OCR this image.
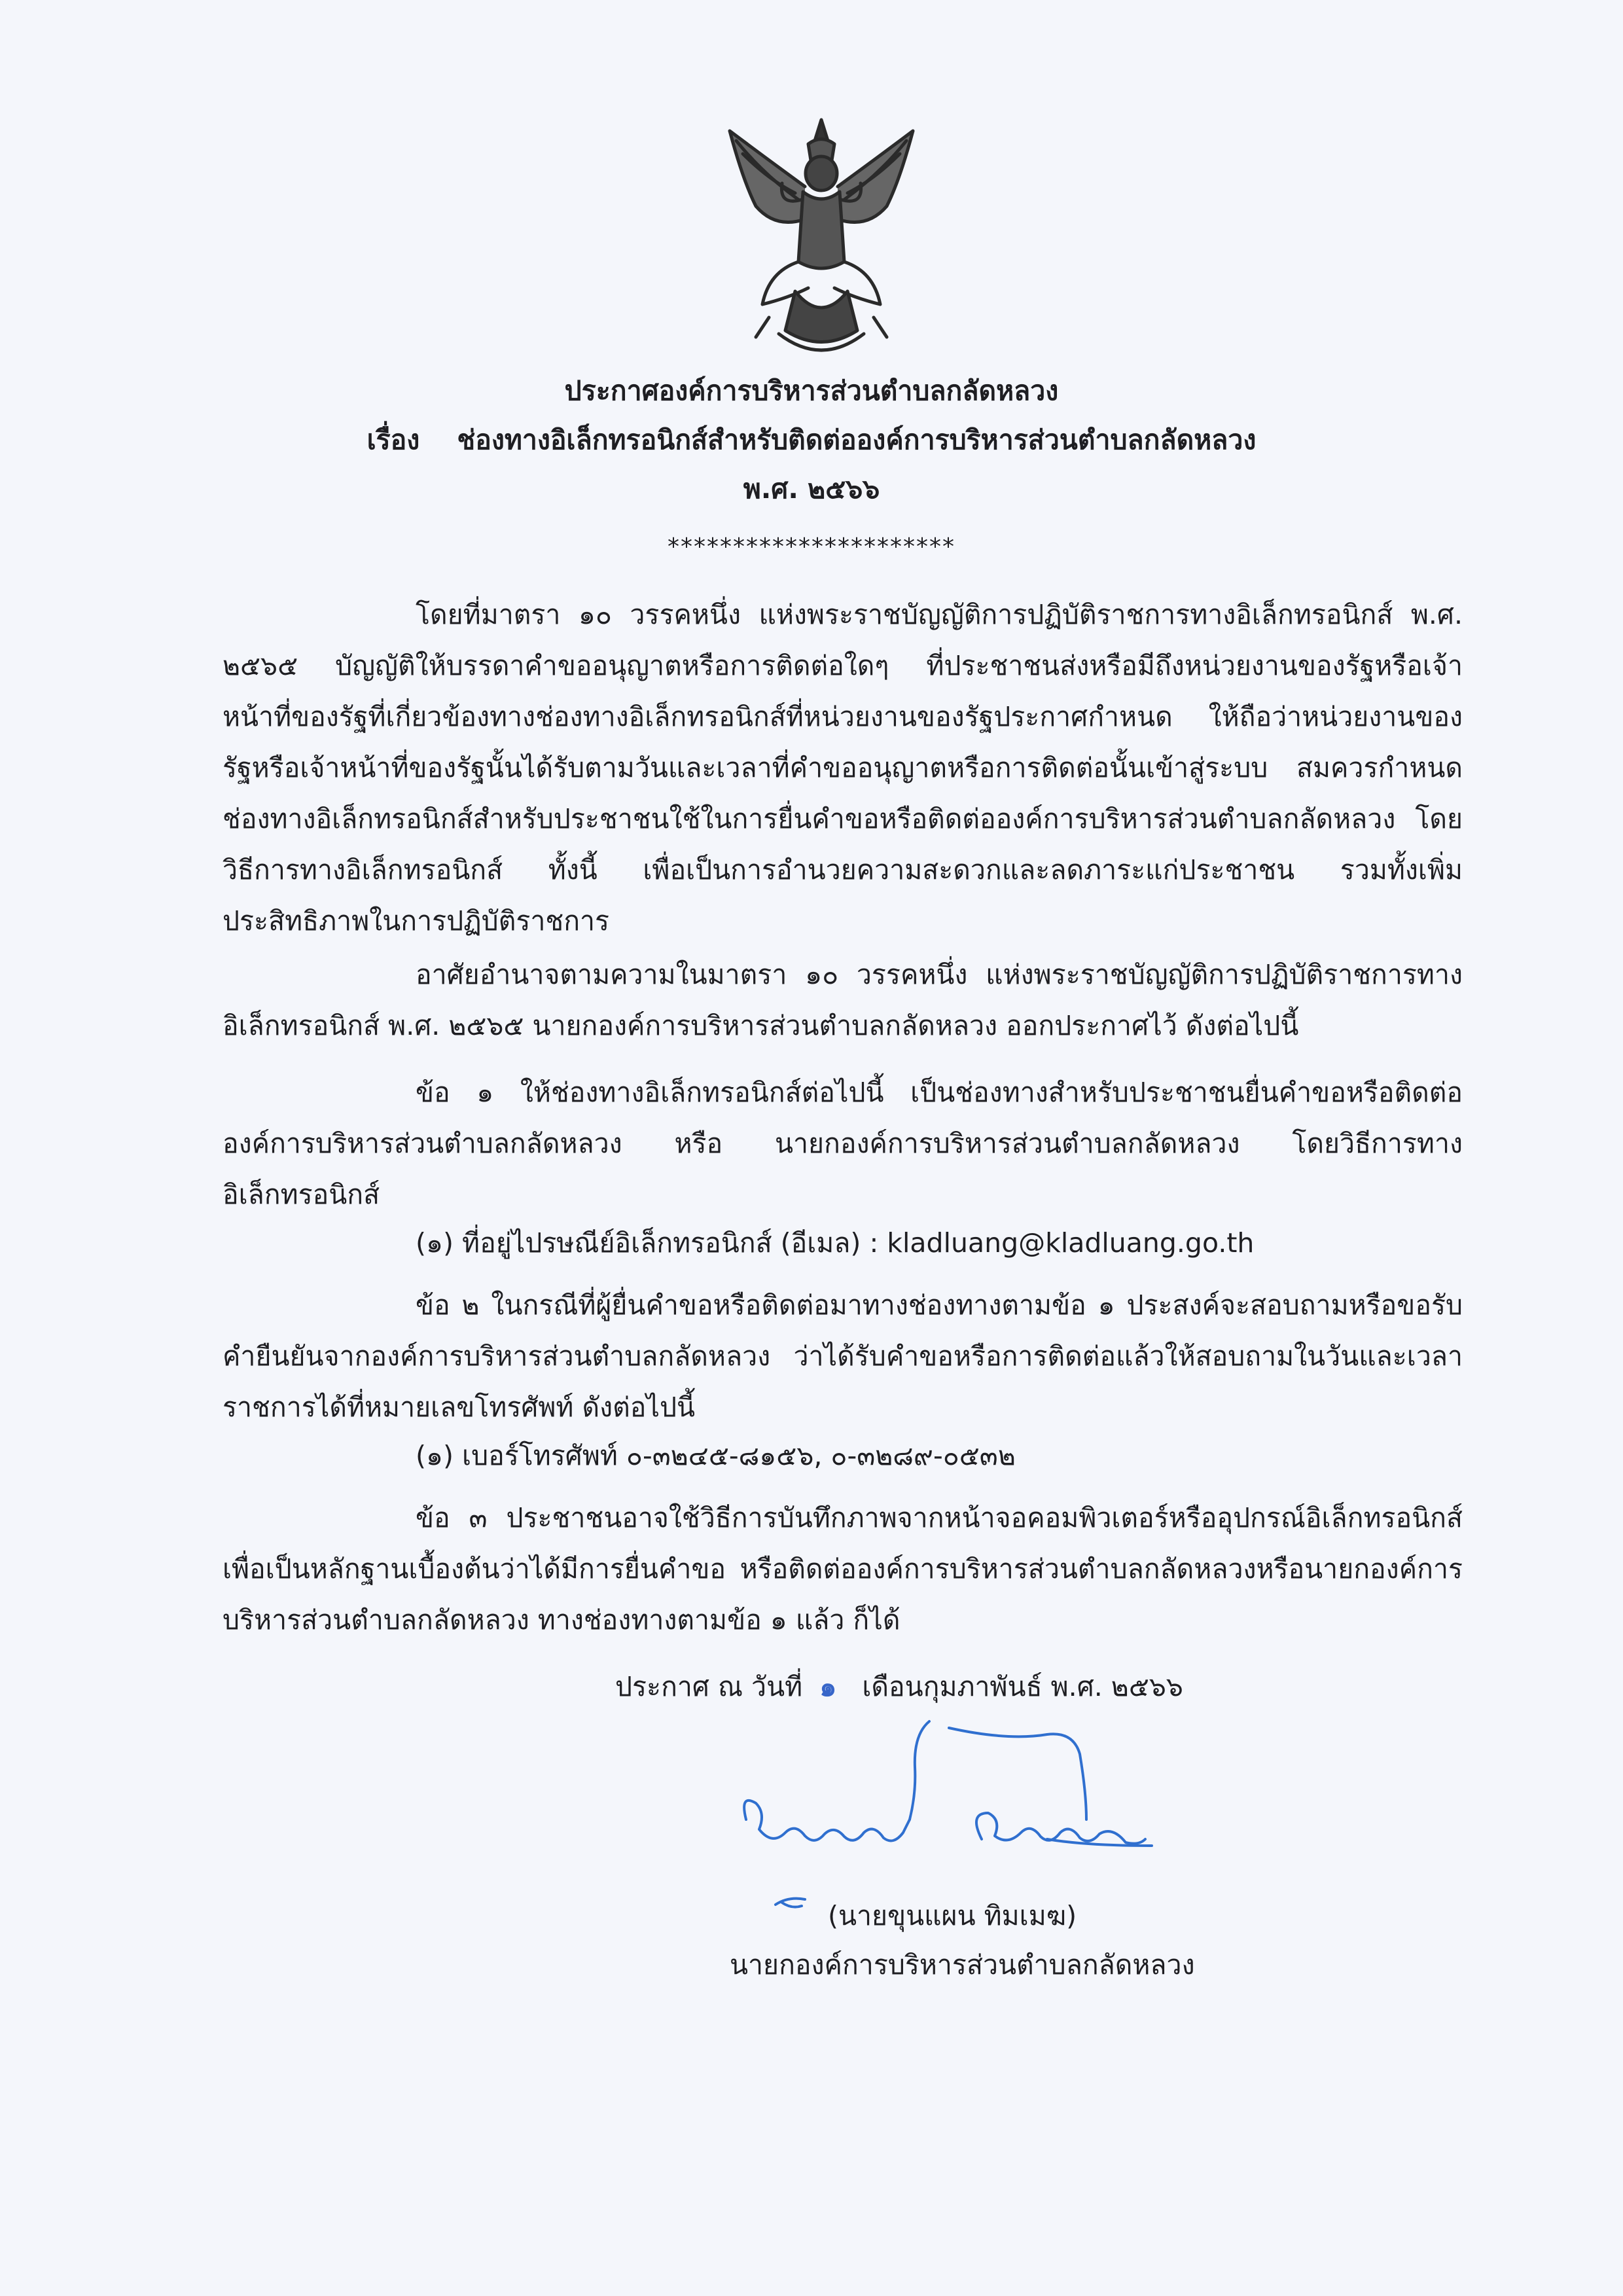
ประกาศองค์การบริหารส่วนตำบลกลัดหลวง
เรื่อง ช่องทางอิเล็กทรอนิกส์สำหรับติดต่อองค์การบริหารส่วนตำบลกลัดหลวง
พ.ศ. ๒๕๖๖
**********************
โดยที่มาตรา ๑๐ วรรคหนึ่ง แห่งพระราชบัญญัติการปฏิบัติราชการทางอิเล็กทรอนิกส์ พ.ศ. ๒๕๖๕ บัญญัติให้บรรดาคำขออนุญาตหรือการติดต่อใดๆ ที่ประชาชนส่งหรือมีถึงหน่วยงานของรัฐหรือเจ้าหน้าที่ของรัฐที่เกี่ยวข้องทางช่องทางอิเล็กทรอนิกส์ที่หน่วยงานของรัฐประกาศกำหนด ให้ถือว่าหน่วยงานของรัฐหรือเจ้าหน้าที่ของรัฐนั้นได้รับตามวันและเวลาที่คำขออนุญาตหรือการติดต่อนั้นเข้าสู่ระบบ สมควรกำหนดช่องทางอิเล็กทรอนิกส์สำหรับประชาชนใช้ในการยื่นคำขอหรือติดต่อองค์การบริหารส่วนตำบลกลัดหลวง โดยวิธีการทางอิเล็กทรอนิกส์ ทั้งนี้ เพื่อเป็นการอำนวยความสะดวกและลดภาระแก่ประชาชน รวมทั้งเพิ่มประสิทธิภาพในการปฏิบัติราชการ
อาศัยอำนาจตามความในมาตรา ๑๐ วรรคหนึ่ง แห่งพระราชบัญญัติการปฏิบัติราชการทางอิเล็กทรอนิกส์ พ.ศ. ๒๕๖๕ นายกองค์การบริหารส่วนตำบลกลัดหลวง ออกประกาศไว้ ดังต่อไปนี้
ข้อ ๑ ให้ช่องทางอิเล็กทรอนิกส์ต่อไปนี้ เป็นช่องทางสำหรับประชาชนยื่นคำขอหรือติดต่อองค์การบริหารส่วนตำบลกลัดหลวง หรือ นายกองค์การบริหารส่วนตำบลกลัดหลวง โดยวิธีการทางอิเล็กทรอนิกส์
(๑) ที่อยู่ไปรษณีย์อิเล็กทรอนิกส์ (อีเมล) : kladluang@kladluang.go.th
ข้อ ๒ ในกรณีที่ผู้ยื่นคำขอหรือติดต่อมาทางช่องทางตามข้อ ๑ ประสงค์จะสอบถามหรือขอรับคำยืนยันจากองค์การบริหารส่วนตำบลกลัดหลวง ว่าได้รับคำขอหรือการติดต่อแล้วให้สอบถามในวันและเวลาราชการได้ที่หมายเลขโทรศัพท์ ดังต่อไปนี้
(๑) เบอร์โทรศัพท์ ๐-๓๒๔๕-๘๑๕๖, ๐-๓๒๘๙-๐๕๓๒
ข้อ ๓ ประชาชนอาจใช้วิธีการบันทึกภาพจากหน้าจอคอมพิวเตอร์หรืออุปกรณ์อิเล็กทรอนิกส์ เพื่อเป็นหลักฐานเบื้องต้นว่าได้มีการยื่นคำขอ หรือติดต่อองค์การบริหารส่วนตำบลกลัดหลวงหรือนายกองค์การบริหารส่วนตำบลกลัดหลวง ทางช่องทางตามข้อ ๑ แล้ว ก็ได้
ประกาศ ณ วันที่ ๑ เดือนกุมภาพันธ์ พ.ศ. ๒๕๖๖
(นายขุนแผน ทิมเมฆ)
นายกองค์การบริหารส่วนตำบลกลัดหลวง
